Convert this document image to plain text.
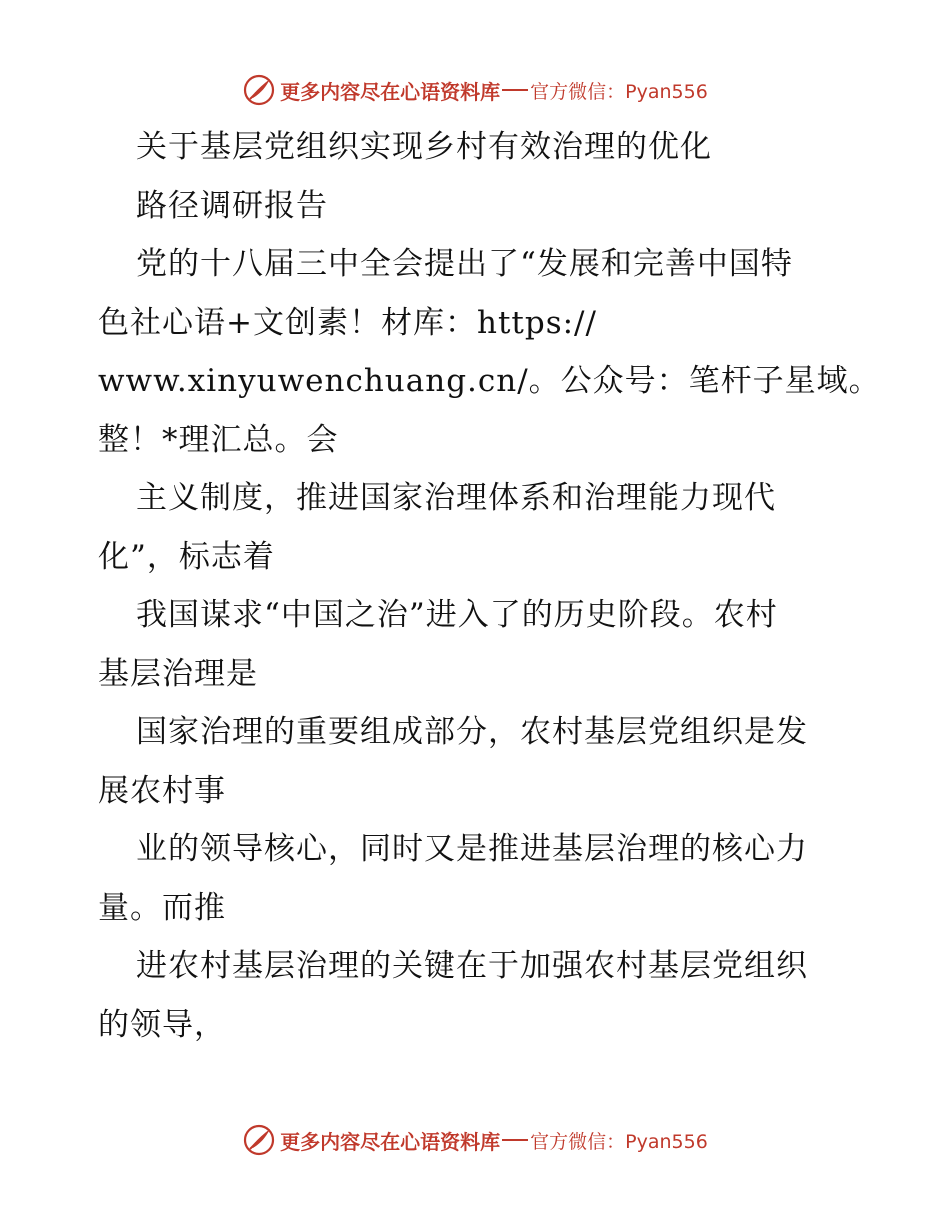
更多内容尽在心语资料库 官方微信：Pyan556
关于基层党组织实现乡村有效治理的优化
路径调研报告
党的十八届三中全会提出了“发展和完善中国特
色社心语+文创素！材库：https://
www.xinyuwenchuang.cn/。公众号：笔杆子星域。
整！*理汇总。会
主义制度，推进国家治理体系和治理能力现代
化”，标志着
我国谋求“中国之治”进入了的历史阶段。农村
基层治理是
国家治理的重要组成部分，农村基层党组织是发
展农村事
业的领导核心，同时又是推进基层治理的核心力
量。而推
进农村基层治理的关键在于加强农村基层党组织
的领导，
更多内容尽在心语资料库 官方微信：Pyan556
